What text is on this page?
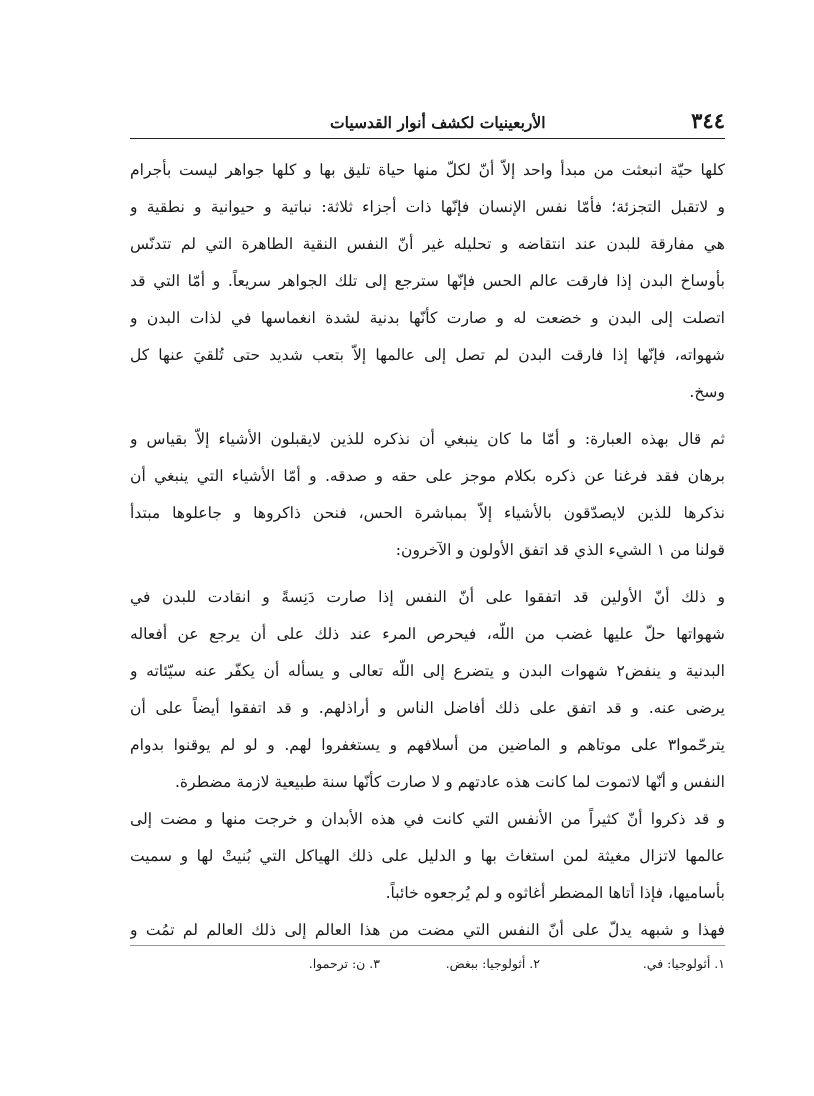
٣٤٤
الأربعينيات لكشف أنوار القدسيات
كلها حيّة انبعثت من مبدأ واحد إلاّ أنّ لكلّ منها حياة تليق بها و كلها جواهر ليست بأجرام
و لاتقبل التجزئة؛ فأمّا نفس الإنسان فإنّها ذات أجزاء ثلاثة: نباتية و حيوانية و نطقية و
هي مفارقة للبدن عند انتقاضه و تحليله غير أنّ النفس النقية الطاهرة التي لم تتدنّس
بأوساخ البدن إذا فارقت عالم الحس فإنّها سترجع إلى تلك الجواهر سريعاً. و أمّا التي قد
اتصلت إلى البدن و خضعت له و صارت كأنّها بدنية لشدة انغماسها في لذات البدن و
شهواته، فإنّها إذا فارقت البدن لم تصل إلى عالمها إلاّ بتعب شديد حتى تُلقيَ عنها كل
وسخ.
ثم قال بهذه العبارة: و أمّا ما كان ينبغي أن نذكره للذين لايقبلون الأشياء إلاّ بقياس و
برهان فقد فرغنا عن ذكره بكلام موجز على حقه و صدقه. و أمّا الأشياء التي ينبغي أن
نذكرها للذين لايصدّقون بالأشياء إلاّ بمباشرة الحس، فنحن ذاكروها و جاعلوها مبتدأ
قولنا من ١ الشيء الذي قد اتفق الأولون و الآخرون:
و ذلك أنّ الأولين قد اتفقوا على أنّ النفس إذا صارت دَنِسةً و انقادت للبدن في
شهواتها حلّ عليها غضب من اللّه، فيحرص المرء عند ذلك على أن يرجع عن أفعاله
البدنية و ينفض٢ شهوات البدن و يتضرع إلى اللّه تعالى و يسأله أن يكفّر عنه سيّئاته و
يرضى عنه. و قد اتفق على ذلك أفاضل الناس و أراذلهم. و قد اتفقوا أيضاً على أن
يترحّموا٣ على موتاهم و الماضين من أسلافهم و يستغفروا لهم. و لو لم يوقنوا بدوام
النفس و أنّها لاتموت لما كانت هذه عادتهم و لا صارت كأنّها سنة طبيعية لازمة مضطرة.
و قد ذكروا أنّ كثيراً من الأنفس التي كانت في هذه الأبدان و خرجت منها و مضت إلى
عالمها لاتزال مغيثة لمن استغاث بها و الدليل على ذلك الهياكل التي بُنيتْ لها و سميت
بأساميها، فإذا أتاها المضطر أغاثوه و لم يُرجعوه خائباً.
فهذا و شبهه يدلّ على أنّ النفس التي مضت من هذا العالم إلى ذلك العالم لم تمُت و
١. أثولوجيا: في.
٢. أثولوجيا: ببغض.
٣. ن: ترحموا.
